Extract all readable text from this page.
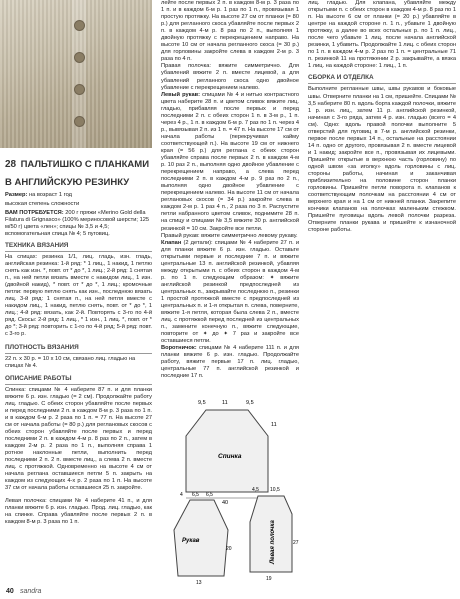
28 ПАЛЬТИШКО С ПЛАНКАМИ В АНГЛИЙСКУЮ РЕЗИНКУ
Размер: на возраст 1 год
высокая степень сложности
ВАМ ПОТРЕБУЕТСЯ: 200 г пряжи «Merino Gold della Filatura di Grignasco» (100% мериносовой шерсти; 125 м/50 г) цвета «лен»; спицы № 3,5 и 4,5; вспомогательная спица № 4; 5 пуговиц.
ТЕХНИКА ВЯЗАНИЯ

На спицах: резинка 1/1, лиц. гладь, изн. гладь, английская резинка: 1-й ряд: * 1 лиц., 1 накид, 1 петлю снять как изн. *, повт. от * до *, 1 лиц.; 2-й ряд: 1 снятая п., на ней петли вязать вместе с накидом лиц., 1 изн. (двойной накид), * повт. от * до *, 1 лиц.; кромочные петли: первую петлю снять как изн., последнюю вязать лиц. 3-й ряд: 1 снятая п., на ней петля вместе с накидом лиц., 1 накид, петлю снять, повт. от * до *, 1 лиц.; 4-й ряд: вязать, как 2-й. Повторять с 3-го по 4-й ряд. Скосы: 2-й ряд: 1 лиц., * 1 изн., 1 лиц. *, повт. от * до *; 3-й ряд: повторить с 1-го по 4-й ряд; 5-й ряд: повт. с 3-го р.

ПЛОТНОСТЬ ВЯЗАНИЯ

22 п. х 30 р. = 10 х 10 см, связано лиц. гладью на спицах № 4.

ОПИСАНИЕ РАБОТЫ

Спинка: спицами № 4 наберите 87 п. и для планки вяжите 6 р. изн. гладью (= 2 см). Продолжайте работу лиц. гладью. С обеих сторон убавляйте после первых и перед последними 2 п. в каждом 8-м р. 3 раза по 1 п. и в каждом 6-м р. 2 раза по 1 п. = 77 п. На высоте 27 см от начала работы (= 80 р.) для реглановых скосов с обеих сторон убавляйте после первых и перед последними 2 п. в каждом 4-м р. 8 раз по 2 п., затем в каждом 2-м р. 2 раза по 1 п., выполняя справа 1 ротное наклонные петли, выполнить перед последними 2 п. 2 п. вместе лиц., а слева 2 п. вместе лиц. с протяжкой. Одновременно на высоте 4 см от начала реглана оставшиеся петли 5 п. закрыть на каждом из следующих 4-х р. 2 раза по 1 п. На высоте 37 см от начала работы оставшиеся 25 п. закройте.

Левая полочка: спицами № 4 наберите 41 п., и для планки вяжите 6 р. изн. гладью. Прод. лиц. гладью, как на спинке. Справа убавляйте после первых 2 п. в каждом 8-м р. 3 раза по 1 п.

лейте после первых 2 п. в каждом 8-м р. 3 раза по 1 п. и в каждом 6-м р. 1 раз по 1 п., провязывая 1 простую протяжку. На высоте 27 см от планки (= 80 р.) для регланного скоса убавляйте после первых 2 п. в каждом 4-м р. 8 раз по 2 п., выполняя 1 двойную протяжку с перекрещением направо. На высоте 10 см от начала регланного скоса (= 30 р.) для горловины закройте слева в каждом 2-м р. 3 раза по 4 п.

Правая полочка: вяжите симметрично. Для убавлений вяжите 2 п. вместе лицевой, а для убавлений регланного скоса одно двойное убавление с перекрещением налево.

Левый рукав: спицами № 4 и нитью контрастного цвета наберите 28 п. и цветом сливок вяжите лиц. гладью, прибавляя после первых и перед последними 2 п. с обеих сторон 1 п. в 3-м р., 1 п. через 4 р., 1 п. в каждом 6-м р. 7 раз по 1 п. через 4 р., вывязывая 2 п. из 1 п. = 47 п. На высоте 17 см от начала работы (перекручивая кайму соответствующей п.). На высоте 19 см от нижнего края (= 56 р.) для реглана с обеих сторон убавляйте справа после первых 2 п. в каждом 4-м р. 10 раз 2 п., выполняя одно двойное убавление с перекрещением направо, а слева перед последними 2 п. в каждом 4-м р. 9 раз по 2 п., выполняя одно двойное убавление с перекрещением налево. На высоте 11 см от начала реглановых скосов (= 34 р.) закройте слева в каждом 2-м р. 1 раз 4 п., 2 раза по 3 п. Распустите петли набранного цветом сливок, поднимите 28 п. на спицу и спицами № 3,5 вяжите 30 р. английской резинкой = 10 см. Закройте все петли.

Правый рукав: вяжите симметрично левому рукаву.

Клапан (2 детали): спицами № 4 наберите 27 п. и для планки вяжите 6 р. изн. гладью. Оставьте открытыми первые и последние 7 п. и вяжите центральные 13 п. английской резинкой, убавляя между открытыми п. с обеих сторон в каждом 4-м р. по 1 п. следующим образом: ✦ вяжите английской резинкой предпоследней из центральных п., закрывайте последнюю п., резинки 1 простой протяжкой вместе с предпоследней из центральных п. и 1-я открытая п. слева, поверните, вяжите 1-я петля, которая была слева 2 п., вместе лиц. с протяжкой перед последней из центральных п., замените конечную п., вяжите следующие, повторите от ✦ до ✦ 7 раз и закройте все оставшиеся петли.

Воротничок: спицами № 4 наберите 111 п. и для планки вяжите 6 р. изн. гладью. Продолжайте работу, вяжите первые 17 п. лиц. гладью, центральные 77 п. английской резинкой и последние 17 п.

лиц. гладью. Для клапана, убавляйте между открытыми п. с обеих сторон в каждом 4-м р. 8 раз по 1 п. На высоте 6 см от планки (= 20 р.) убавляйте в центре на каждой стороне п. 1 п., убавьте 1 двойную протяжку, а далее во всех остальных р. по 1 п. лиц., после чего убавьте 1 лиц. после начала английской резинки, 1 убавить. Продолжайте 1 лиц. с обеих сторон по 1 п. в каждом 4-м р. 2 раз по 1 п. = центральные 71 п. резинкой 11 на протяжении 2 р. закрывайте, а вязка 1 лиц. на каждой стороне: 1 лиц., 1 п.

СБОРКА И ОТДЕЛКА

Выполните регланные швы, швы рукавов и боковые швы. Отверните планки на 1 см, пришейте. Спицами № 3,5 наберите 80 п. вдоль борта каждой полочки, вяжите 1 р. изн. лиц., затем 11 р. английской резинкой, начиная с 3-го ряда, затем 4 р. изн. гладью (всего = 4 см). Одно: вдоль правой полочки выполните 5 отверстий для пуговиц в 7-м р. английской резинки, первое после первых 14 п., остальные на расстоянии 14 п. одно от другого, провязывая 2 п. вместе лицевой и 1 накид; закройте все п., провязывая их лицевыми. Пришейте открытые в верхнюю часть (горловину) по одной швом «за иголку» вдоль горловины с лиц. стороны работы, начиная и заканчивая приблизительно на половине сторон планки горловины. Пришейте петли поворота п. клапанов к соответствующим полочкам на расстоянии 4 см от верхнего края и на 1 см от нижней планки. Закрепите кончики клапанов на полочках маленьким стежком. Пришейте пуговицы вдоль левой полочки разреза. Отверните планки рукава и пришейте к изнаночной стороне работы.

9,5	11	9,5
11
Спинка
40
4 6,5 6,5
Рукав
20
13
4,5 10,5
Левая полочка	27
19
40 sandra
